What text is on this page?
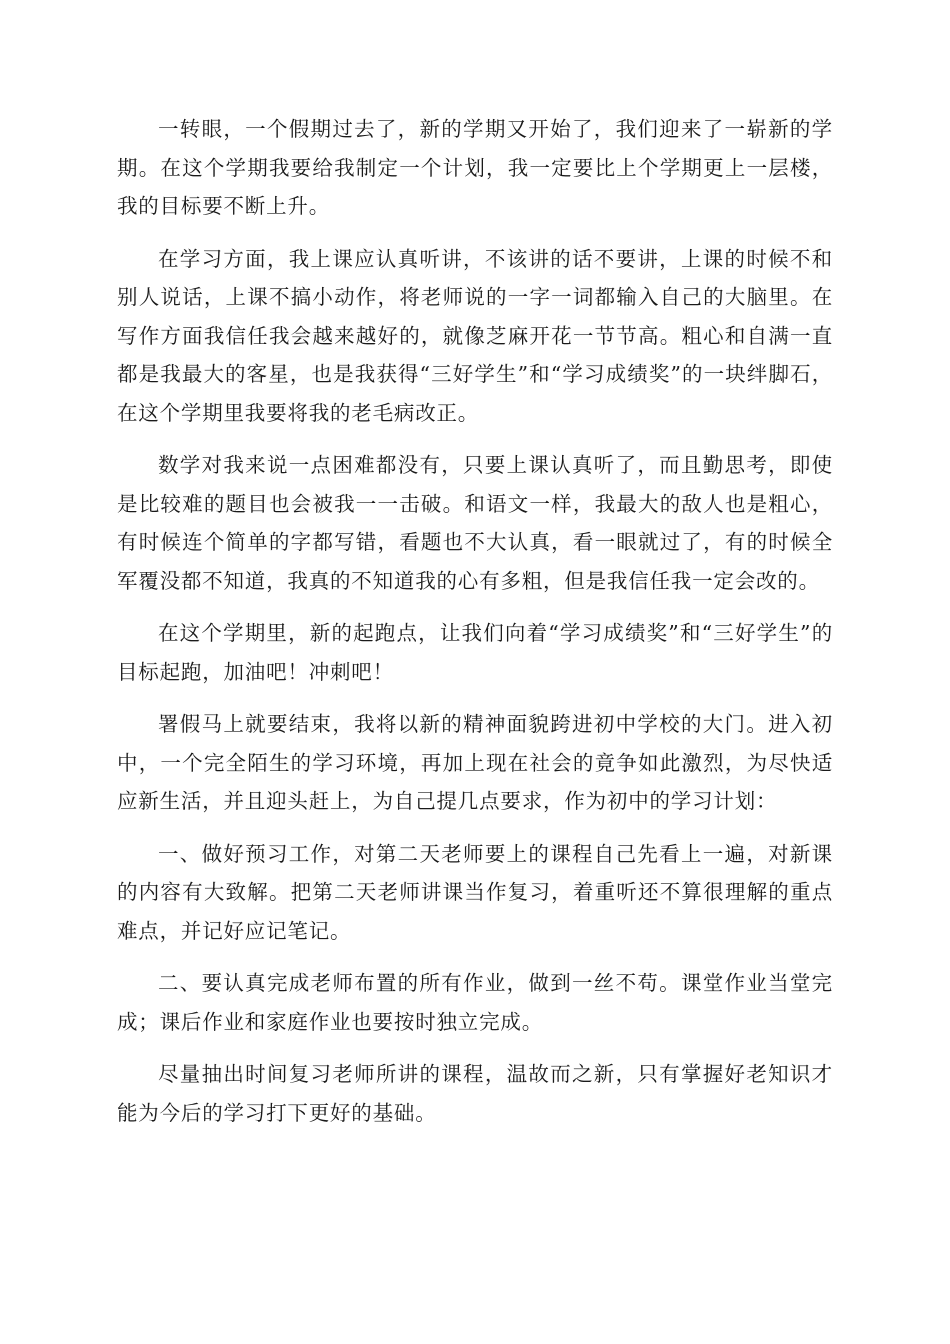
一转眼，一个假期过去了，新的学期又开始了，我们迎来了一崭新的学期。在这个学期我要给我制定一个计划，我一定要比上个学期更上一层楼，我的目标要不断上升。

在学习方面，我上课应认真听讲，不该讲的话不要讲，上课的时候不和别人说话，上课不搞小动作，将老师说的一字一词都输入自己的大脑里。在写作方面我信任我会越来越好的，就像芝麻开花一节节高。粗心和自满一直都是我最大的客星，也是我获得“三好学生”和“学习成绩奖”的一块绊脚石，在这个学期里我要将我的老毛病改正。

数学对我来说一点困难都没有，只要上课认真听了，而且勤思考，即使是比较难的题目也会被我一一击破。和语文一样，我最大的敌人也是粗心，有时候连个简单的字都写错，看题也不大认真，看一眼就过了，有的时候全军覆没都不知道，我真的不知道我的心有多粗，但是我信任我一定会改的。

在这个学期里，新的起跑点，让我们向着“学习成绩奖”和“三好学生”的目标起跑，加油吧！冲刺吧！

署假马上就要结束，我将以新的精神面貌跨进初中学校的大门。进入初中，一个完全陌生的学习环境，再加上现在社会的竟争如此激烈，为尽快适应新生活，并且迎头赶上，为自己提几点要求，作为初中的学习计划：

一、做好预习工作，对第二天老师要上的课程自己先看上一遍，对新课的内容有大致解。把第二天老师讲课当作复习，着重听还不算很理解的重点难点，并记好应记笔记。

二、要认真完成老师布置的所有作业，做到一丝不苟。课堂作业当堂完成；课后作业和家庭作业也要按时独立完成。

尽量抽出时间复习老师所讲的课程，温故而之新，只有掌握好老知识才能为今后的学习打下更好的基础。
